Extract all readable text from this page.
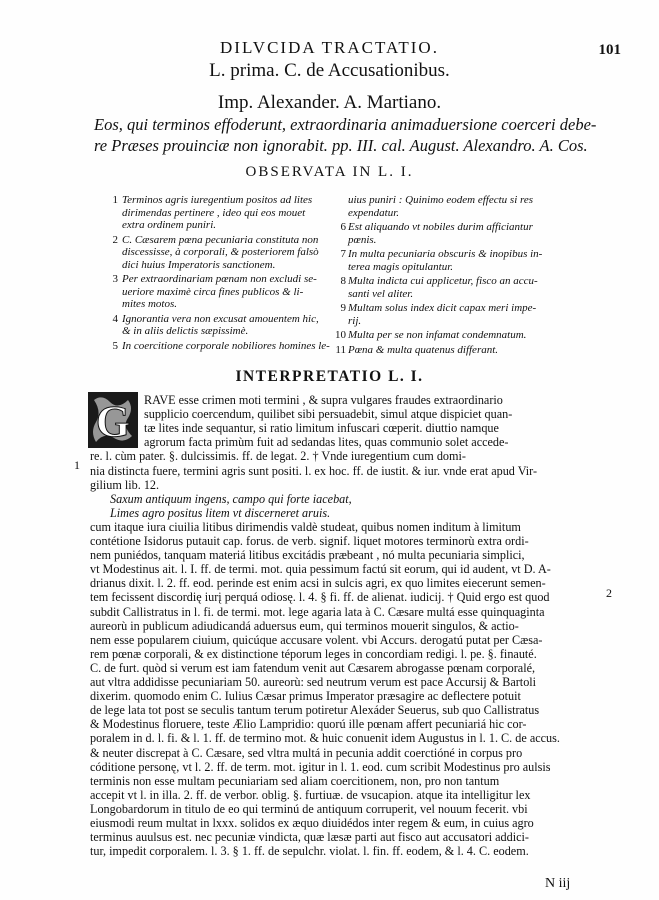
DILVCIDA TRACTATIO.	101
L. prima. C. de Accusationibus.
Imp. Alexander. A. Martiano.
Eos, qui terminos effoderunt, extraordinaria animaduersione coerceri debe-
re Præses prouinciæ non ignorabit. pp. III. cal. August. Alexandro. A. Cos.
OBSERVATA IN L. I.
1 Terminos agris iuregentium positos ad lites
dirimendas pertinere , ideo qui eos mouet
extra ordinem puniri.
2 C. Cæsarem pœna pecuniaria constituta non
discessisse, à corporali, & posteriorem falsò
dici huius Imperatoris sanctionem.
3 Per extraordinariam pœnam non excludi se-
ueriore maximè circa fines publicos & li-
mites motos.
4 Ignorantia vera non excusat amouentem hic,
& in aliis delictis sæpissimè.
5 In coercitione corporale nobiliores homines le-
uius puniri : Quinimo eodem effectu si res
expendatur.
6 Est aliquando vt nobiles durim afficiantur
pœnis.
7 In multa pecuniaria obscuris & inopibus in-
terea magis opitulantur.
8 Multa indicta cui applicetur, fisco an accu-
santi vel aliter.
9 Multam solus index dicit capax meri impe-
rij.
10 Multa per se non infamat condemnatum.
11 Pœna & multa quatenus differant.
INTERPRETATIO L. I.
G RAVE esse crimen moti termini , & supra vulgares fraudes extraordinario
supplicio coercendum, quilibet sibi persuadebit, simul atque dispiciet quan-
tæ lites inde sequantur, si ratio limitum infuscari cœperit. diuttio namque
agrorum facta primùm fuit ad sedandas lites, quas communio solet accede-
re. l. cùm pater. §. dulcissimis. ff. de legat. 2. † Vnde iuregentium cum domi-
nia distincta fuere, termini agris sunt positi. l. ex hoc. ff. de iustit. & iur. vnde erat apud Vir-
gilium lib. 12.
Saxum antiquum ingens, campo qui forte iacebat,
Limes agro positus litem vt discerneret aruis.
cum itaque iura ciuilia litibus dirimendis valdè studeat, quibus nomen inditum à limitum
contétione Isidorus putauit cap. forus. de verb. signif. liquet motores terminorù extra ordi-
nem puniédos, tanquam materiá litibus excitádis præbeant , nó multa pecuniaria simplici,
vt Modestinus ait. l. I. ff. de termi. mot. quia pessimum factú sit eorum, qui id audent, vt D. A-
drianus dixit. l. 2. ff. eod. perinde est enim acsi in sulcis agri, ex quo limites eiecerunt semen-
tem fecissent discordię iurį perquá odiosę. l. 4. § fi. ff. de alienat. iudicij. † Quid ergo est quod
subdit Callistratus in l. fi. de termi. mot. lege agaria lata à C. Cæsare multá esse quinquaginta
aureorù in publicum adiudicandá aduersus eum, qui terminos mouerit singulos, & actio-
nem esse popularem ciuium, quicúque accusare volent. vbi Accurs. derogatú putat per Cæsa-
rem pœnæ corporali, & ex distinctione téporum leges in concordiam redigi. l. pe. §. finauté.
C. de furt. quòd si verum est iam fatendum venit aut Cæsarem abrogasse pœnam corporalé,
aut vltra addidisse pecuniariam 50. aureorù: sed neutrum verum est pace Accursij & Bartoli
dixerim. quomodo enim C. Iulius Cæsar primus Imperator præsagire ac deflectere potuit
de lege lata tot post se seculis tantum terum potiretur Alexáder Seuerus, sub quo Callistratus
& Modestinus floruere, teste Ælio Lampridio: quorú ille pœnam affert pecuniariá hic cor-
poralem in d. l. fi. & l. 1. ff. de termino mot. & huic conuenit idem Augustus in l. 1. C. de accus.
& neuter discrepat à C. Cæsare, sed vltra multá in pecunia addit coerctióné in corpus pro
códitione personę, vt l. 2. ff. de term. mot. igitur in l. 1. eod. cum scribit Modestinus pro aulsis
terminis non esse multam pecuniariam sed aliam coercitionem, non, pro non tantum
accepit vt l. in illa. 2. ff. de verbor. oblig. §. furtiuæ. de vsucapion. atque ita intelligitur lex
Longobardorum in titulo de eo qui terminú de antiquum corruperit, vel nouum fecerit. vbi
eiusmodi reum multat in lxxx. solidos ex æquo diuidédos inter regem & eum, in cuius agro
terminus auulsus est. nec pecuniæ vindicta, quæ læsæ parti aut fisco aut accusatori addici-
tur, impedit corporalem. l. 3. § 1. ff. de sepulchr. violat. l. fin. ff. eodem, & l. 4. C. eodem.
1
2
N iij
